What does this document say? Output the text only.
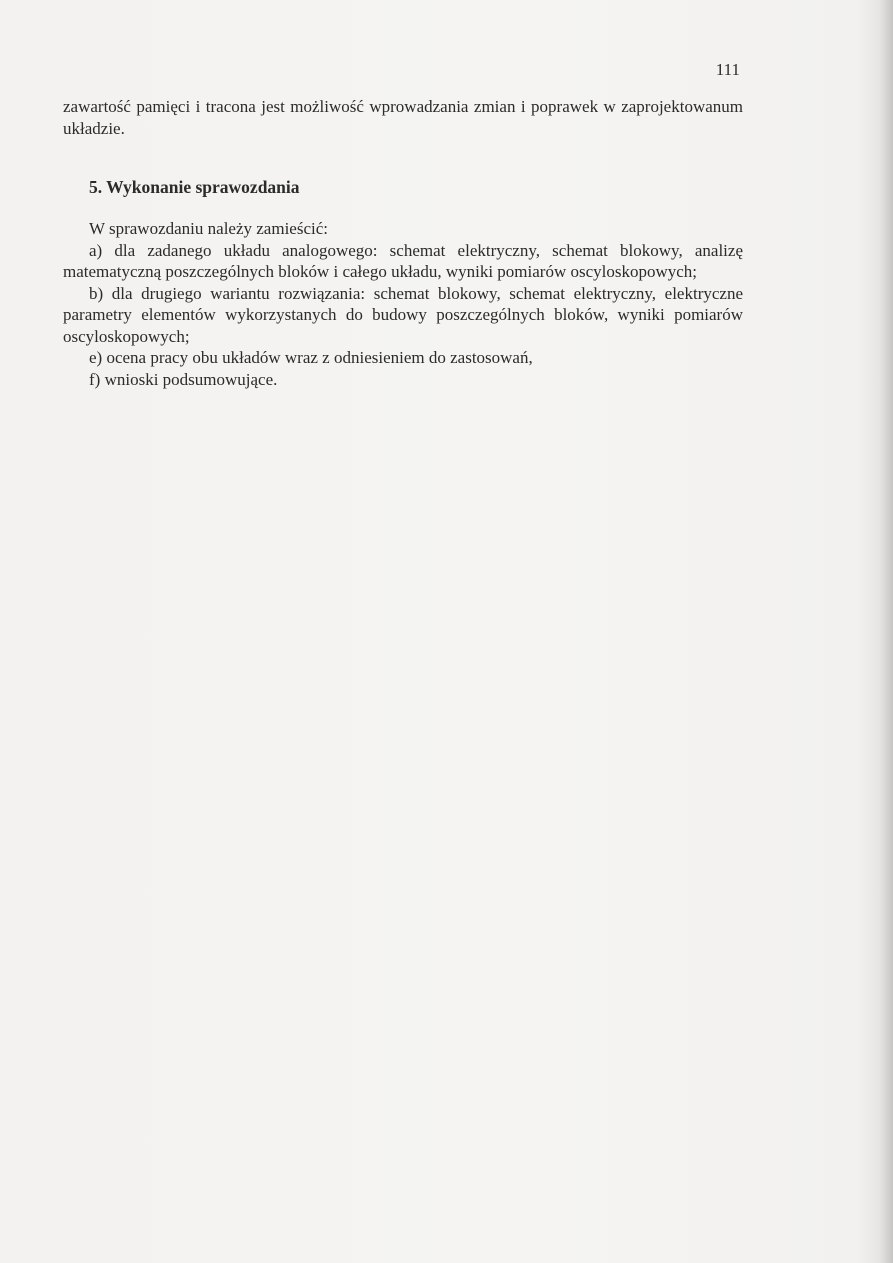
111

zawartość pamięci i tracona jest możliwość wprowadzania zmian i poprawek w zaprojektowanum układzie.

5. Wykonanie sprawozdania

W sprawozdaniu należy zamieścić:

a) dla zadanego układu analogowego: schemat elektryczny, schemat blokowy, analizę matematyczną poszczególnych bloków i całego układu, wyniki pomiarów oscyloskopowych;

b) dla drugiego wariantu rozwiązania: schemat blokowy, schemat elektryczny, elektryczne parametry elementów wykorzystanych do budowy poszczególnych bloków, wyniki pomiarów oscyloskopowych;

e) ocena pracy obu układów wraz z odniesieniem do zastosowań,

f) wnioski podsumowujące.
